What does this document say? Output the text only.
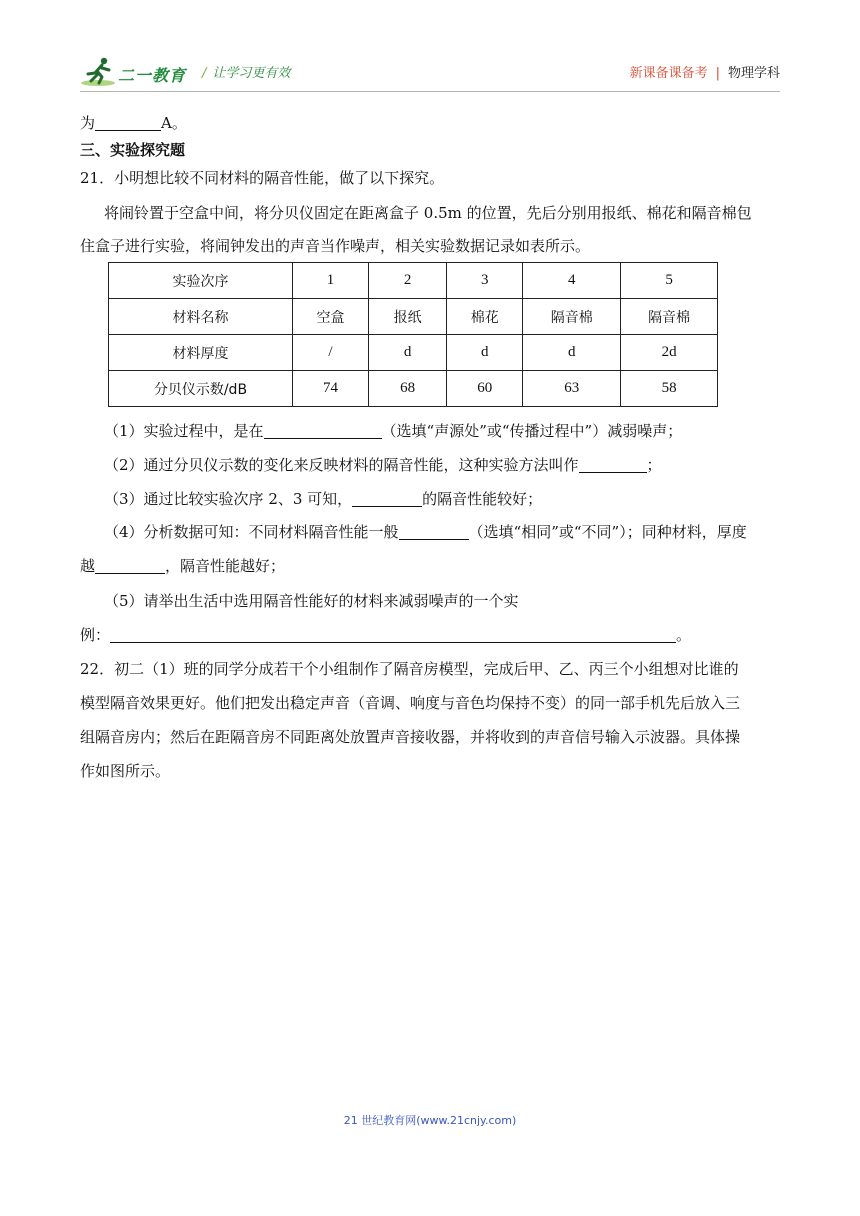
二一教育 / 让学习更有效	新课备课备考 | 物理学科
为	A。
三、实验探究题
21．小明想比较不同材料的隔音性能，做了以下探究。
将闹铃置于空盒中间，将分贝仪固定在距离盒子 0.5m 的位置，先后分别用报纸、棉花和隔音棉包
住盒子进行实验，将闹钟发出的声音当作噪声，相关实验数据记录如表所示。
实验次序	1	2	3	4	5
材料名称	空盒	报纸	棉花	隔音棉	隔音棉
材料厚度	/	d	d	d	2d
分贝仪示数/dB	74	68	60	63	58
（1）实验过程中，是在	（选填“声源处”或“传播过程中”）减弱噪声；
（2）通过分贝仪示数的变化来反映材料的隔音性能，这种实验方法叫作	；
（3）通过比较实验次序 2、3 可知，	的隔音性能较好；
（4）分析数据可知：不同材料隔音性能一般	（选填“相同”或“不同”）；同种材料，厚度
越	，隔音性能越好；
（5）请举出生活中选用隔音性能好的材料来减弱噪声的一个实
例：	。
22．初二（1）班的同学分成若干个小组制作了隔音房模型，完成后甲、乙、丙三个小组想对比谁的
模型隔音效果更好。他们把发出稳定声音（音调、响度与音色均保持不变）的同一部手机先后放入三
组隔音房内；然后在距隔音房不同距离处放置声音接收器，并将收到的声音信号输入示波器。具体操
作如图所示。
21 世纪教育网(www.21cnjy.com)
